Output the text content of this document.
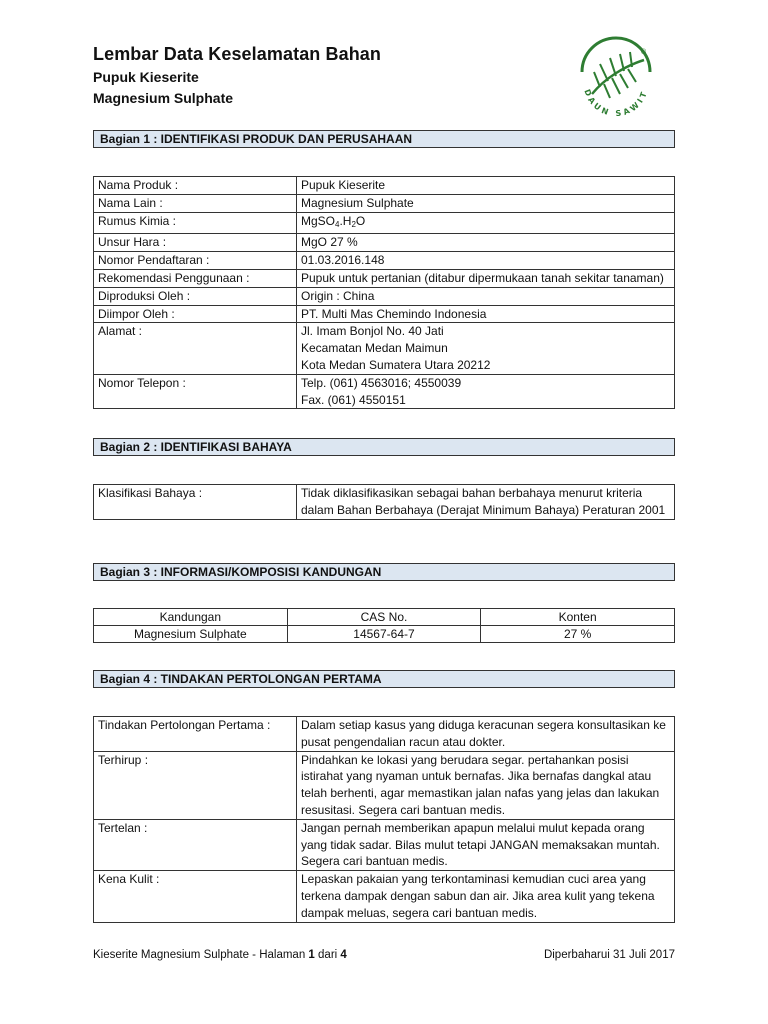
Lembar Data Keselamatan Bahan
Pupuk Kieserite
Magnesium Sulphate
®
DAUN SAWIT
Bagian 1 : IDENTIFIKASI PRODUK DAN PERUSAHAAN
Nama Produk :	Pupuk Kieserite

Nama Lain :	Magnesium Sulphate

Rumus Kimia :	$MgSO_4.H_2O$

Unsur Hara :	MgO 27 %

Nomor Pendaftaran :	01.03.2016.148

Rekomendasi Penggunaan :	Pupuk untuk pertanian (ditabur dipermukaan tanah sekitar tanaman)

Diproduksi Oleh :	Origin : China

Diimpor Oleh :	PT. Multi Mas Chemindo Indonesia

Alamat :	Jl. Imam Bonjol No. 40 Jati
Kecamatan Medan Maimun
Kota Medan Sumatera Utara 20212

Nomor Telepon :	Telp. (061) 4563016; 4550039
Fax. (061) 4550151
Bagian 2 : IDENTIFIKASI BAHAYA
Klasifikasi Bahaya :	Tidak diklasifikasikan sebagai bahan berbahaya menurut kriteria dalam Bahan Berbahaya (Derajat Minimum Bahaya) Peraturan 2001
Bagian 3 : INFORMASI/KOMPOSISI KANDUNGAN
Kandungan	CAS No.	Konten
Magnesium Sulphate	14567-64-7	27 %
Bagian 4 : TINDAKAN PERTOLONGAN PERTAMA
Tindakan Pertolongan Pertama :	Dalam setiap kasus yang diduga keracunan segera konsultasikan ke pusat pengendalian racun atau dokter.

Terhirup :	Pindahkan ke lokasi yang berudara segar. pertahankan posisi istirahat yang nyaman untuk bernafas. Jika bernafas dangkal atau telah berhenti, agar memastikan jalan nafas yang jelas dan lakukan resusitasi. Segera cari bantuan medis.

Tertelan :	Jangan pernah memberikan apapun melalui mulut kepada orang yang tidak sadar. Bilas mulut tetapi JANGAN memaksakan muntah. Segera cari bantuan medis.

Kena Kulit :	Lepaskan pakaian yang terkontaminasi kemudian cuci area yang terkena dampak dengan sabun dan air. Jika area kulit yang tekena dampak meluas, segera cari bantuan medis.
Kieserite Magnesium Sulphate - Halaman 1 dari 4	Diperbaharui 31 Juli 2017
